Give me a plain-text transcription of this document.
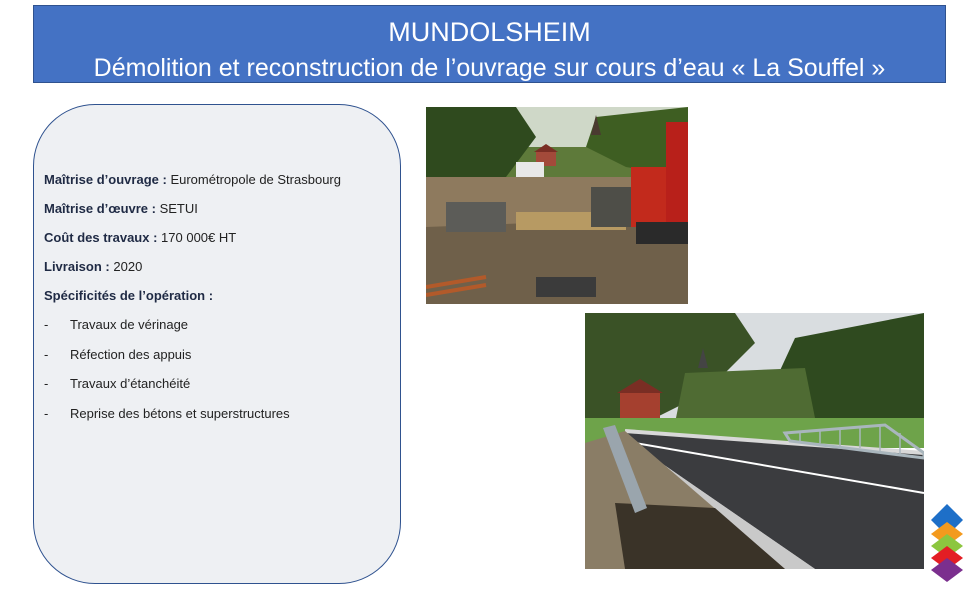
MUNDOLSHEIM
Démolition et reconstruction de l’ouvrage sur cours d’eau « La Souffel »
Maîtrise d’ouvrage : Eurométropole de Strasbourg
Maîtrise d’œuvre : SETUI
Coût des travaux : 170 000€ HT
Livraison : 2020
Spécificités de l’opération :
- Travaux de vérinage
- Réfection des appuis
- Travaux d’étanchéité
- Reprise des bétons et superstructures
